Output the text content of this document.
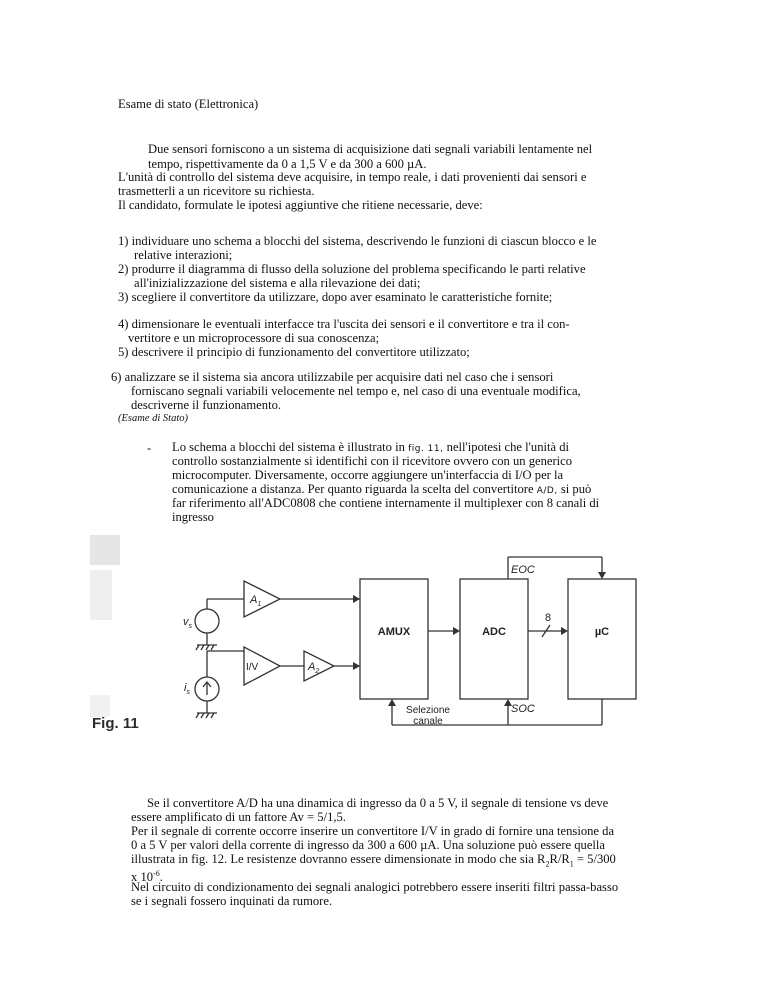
Esame di stato (Elettronica)
Due sensori forniscono a un sistema di acquisizione dati segnali variabili lentamente nel
tempo, rispettivamente da 0 a 1,5 V e da 300 a 600 µA.
L'unità di controllo del sistema deve acquisire, in tempo reale, i dati provenienti dai sensori e
trasmetterli a un ricevitore su richiesta.
Il candidato, formulate le ipotesi aggiuntive che ritiene necessarie, deve:
1) individuare uno schema a blocchi del sistema, descrivendo le funzioni di ciascun blocco e le
relative interazioni;
2) produrre il diagramma di flusso della soluzione del problema specificando le parti relative
all'inizializzazione del sistema e alla rilevazione dei dati;
3) scegliere il convertitore da utilizzare, dopo aver esaminato le caratteristiche fornite;
4) dimensionare le eventuali interfacce tra l'uscita dei sensori e il convertitore e tra il con-
vertitore e un microprocessore di sua conoscenza;
5) descrivere il principio di funzionamento del convertitore utilizzato;
6) analizzare se il sistema sia ancora utilizzabile per acquisire dati nel caso che i sensori
forniscano segnali variabili velocemente nel tempo e, nel caso di una eventuale modifica,
descriverne il funzionamento.
(Esame di Stato)
- Lo schema a blocchi del sistema è illustrato in fig. 11, nell'ipotesi che l'unità di
controllo sostanzialmente si identifichi con il ricevitore ovvero con un generico
microcomputer. Diversamente, occorre aggiungere un'interfaccia di I/O per la
comunicazione a distanza. Per quanto riguarda la scelta del convertitore A/D, si può
far riferimento all'ADC0808 che contiene internamente il multiplexer con 8 canali di
ingresso
$A_1$
I/V	$A_2$
$v_s$
$i_s$
AMUX	ADC	µC
EOC
SOC
8
Selezione
canale
Fig. 11
Se il convertitore A/D ha una dinamica di ingresso da 0 a 5 V, il segnale di tensione vs deve
essere amplificato di un fattore Av = 5/1,5.
Per il segnale di corrente occorre inserire un convertitore I/V in grado di fornire una tensione da
0 a 5 V per valori della corrente di ingresso da 300 a 600 µA. Una soluzione può essere quella
illustrata in fig. 12. Le resistenze dovranno essere dimensionate in modo che sia $R_2R/R_1 = 5/300$
x $10^{-6}$.
Nel circuito di condizionamento dei segnali analogici potrebbero essere inseriti filtri passa-basso
se i segnali fossero inquinati da rumore.
